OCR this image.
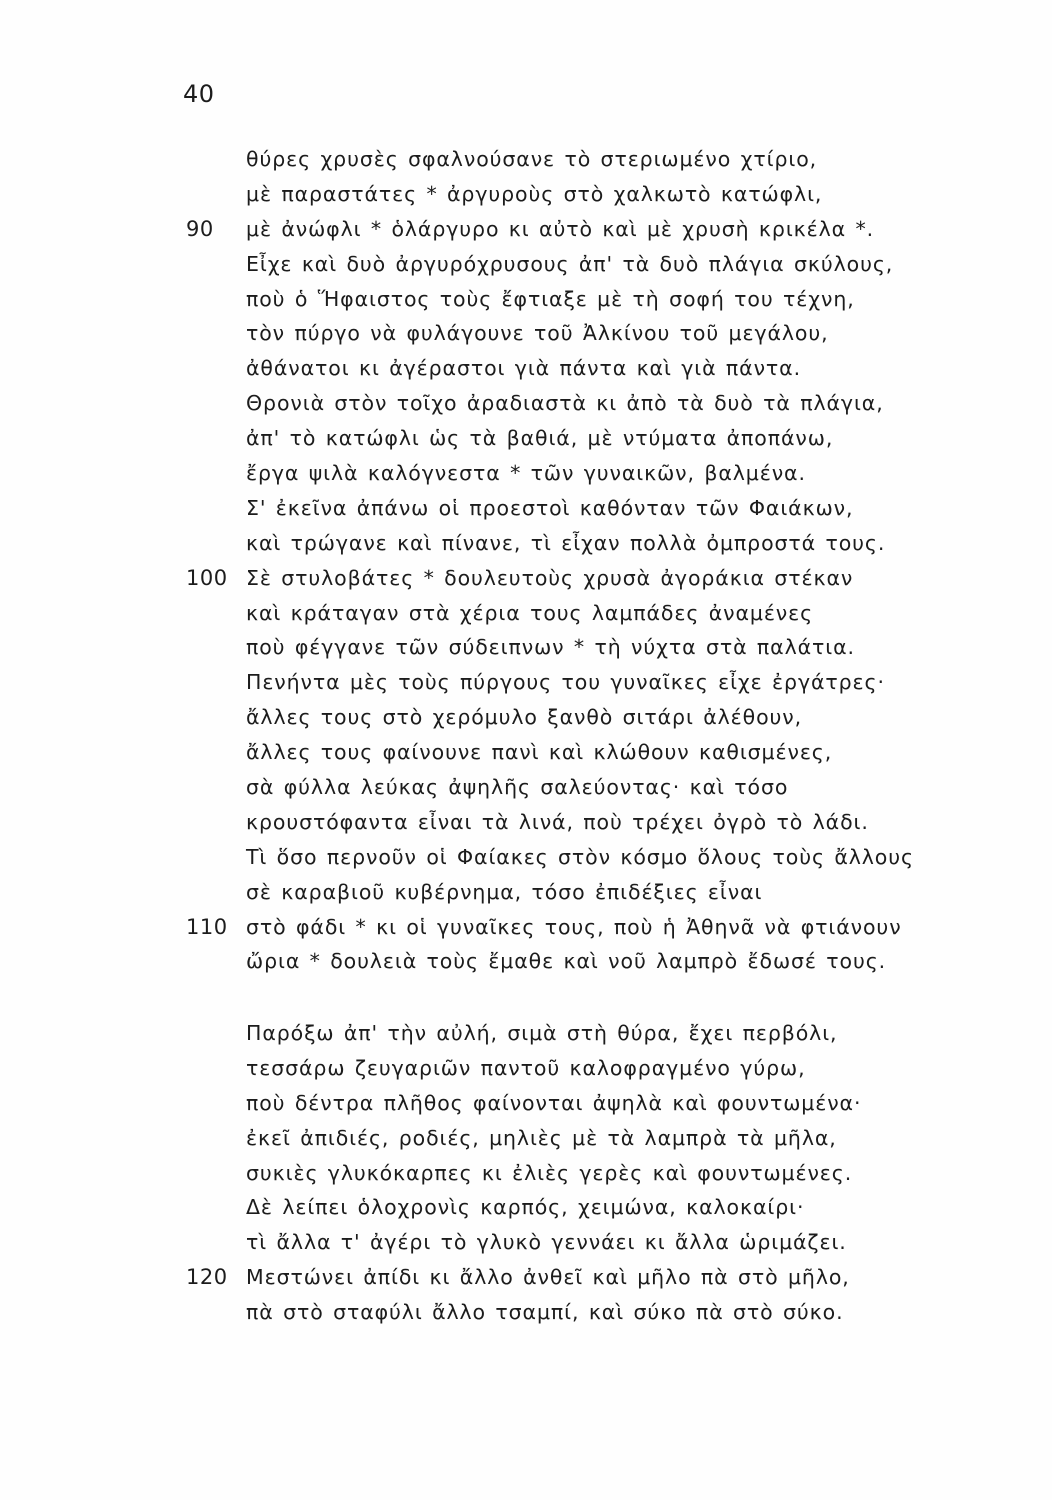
40
θύρες χρυσὲς σφαλνούσανε τὸ στεριωμένο χτίριο,
μὲ παραστάτες * ἀργυροὺς στὸ χαλκωτὸ κατώφλι,
90	μὲ ἀνώφλι * ὁλάργυρο κι αὐτὸ καὶ μὲ χρυσὴ κρικέλα *.
Εἶχε καὶ δυὸ ἀργυρόχρυσους ἀπ' τὰ δυὸ πλάγια σκύλους,
ποὺ ὁ Ἥφαιστος τοὺς ἔφτιαξε μὲ τὴ σοφή του τέχνη,
τὸν πύργο νὰ φυλάγουνε τοῦ Ἀλκίνου τοῦ μεγάλου,
ἀθάνατοι κι ἀγέραστοι γιὰ πάντα καὶ γιὰ πάντα.
Θρονιὰ στὸν τοῖχο ἀραδιαστὰ κι ἀπὸ τὰ δυὸ τὰ πλάγια,
ἀπ' τὸ κατώφλι ὡς τὰ βαθιά, μὲ ντύματα ἀποπάνω,
ἔργα ψιλὰ καλόγνεστα * τῶν γυναικῶν, βαλμένα.
Σ' ἐκεῖνα ἀπάνω οἱ προεστοὶ καθόνταν τῶν Φαιάκων,
καὶ τρώγανε καὶ πίνανε, τὶ εἶχαν πολλὰ ὀμπροστά τους.
100 Σὲ στυλοβάτες * δουλευτοὺς χρυσὰ ἀγοράκια στέκαν
καὶ κράταγαν στὰ χέρια τους λαμπάδες ἀναμένες
ποὺ φέγγανε τῶν σύδειπνων * τὴ νύχτα στὰ παλάτια.
Πενήντα μὲς τοὺς πύργους του γυναῖκες εἶχε ἐργάτρες·
ἄλλες τους στὸ χερόμυλο ξανθὸ σιτάρι ἀλέθουν,
ἄλλες τους φαίνουνε πανὶ καὶ κλώθουν καθισμένες,
σὰ φύλλα λεύκας ἀψηλῆς σαλεύοντας· καὶ τόσο
κρουστόφαντα εἶναι τὰ λινά, ποὺ τρέχει ὀγρὸ τὸ λάδι.
Τὶ ὅσο περνοῦν οἱ Φαίακες στὸν κόσμο ὅλους τοὺς ἄλλους
σὲ καραβιοῦ κυβέρνημα, τόσο ἐπιδέξιες εἶναι
110 στὸ φάδι * κι οἱ γυναῖκες τους, ποὺ ἡ Ἀθηνᾶ νὰ φτιάνουν
ὤρια * δουλειὰ τοὺς ἔμαθε καὶ νοῦ λαμπρὸ ἔδωσέ τους.
Παρόξω ἀπ' τὴν αὐλή, σιμὰ στὴ θύρα, ἔχει περβόλι,
τεσσάρω ζευγαριῶν παντοῦ καλοφραγμένο γύρω,
ποὺ δέντρα πλῆθος φαίνονται ἀψηλὰ καὶ φουντωμένα·
ἐκεῖ ἀπιδιές, ροδιές, μηλιὲς μὲ τὰ λαμπρὰ τὰ μῆλα,
συκιὲς γλυκόκαρπες κι ἐλιὲς γερὲς καὶ φουντωμένες.
Δὲ λείπει ὁλοχρονὶς καρπός, χειμώνα, καλοκαίρι·
τὶ ἄλλα τ' ἀγέρι τὸ γλυκὸ γεννάει κι ἄλλα ὡριμάζει.
120 Μεστώνει ἀπίδι κι ἄλλο ἀνθεῖ καὶ μῆλο πὰ στὸ μῆλο,
πὰ στὸ σταφύλι ἄλλο τσαμπί, καὶ σύκο πὰ στὸ σύκο.
